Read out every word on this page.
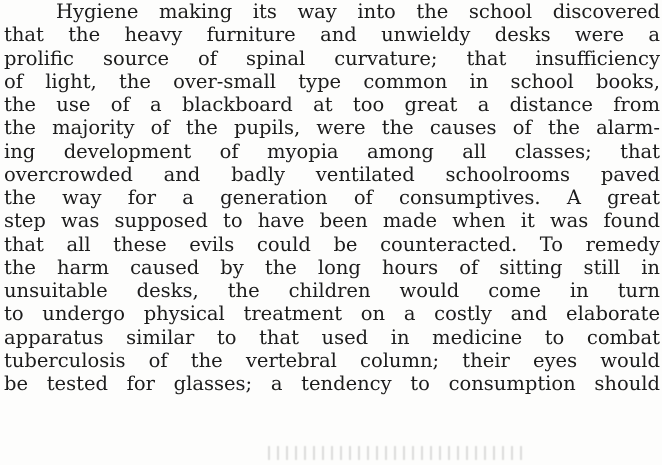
Hygiene making its way into the school discovered
that the heavy furniture and unwieldy desks were a
prolific source of spinal curvature; that insufficiency
of light, the over-small type common in school books,
the use of a blackboard at too great a distance from
the majority of the pupils, were the causes of the alarm-
ing development of myopia among all classes; that
overcrowded and badly ventilated schoolrooms paved
the way for a generation of consumptives. A great
step was supposed to have been made when it was found
that all these evils could be counteracted. To remedy
the harm caused by the long hours of sitting still in
unsuitable desks, the children would come in turn
to undergo physical treatment on a costly and elaborate
apparatus similar to that used in medicine to combat
tuberculosis of the vertebral column; their eyes would
be tested for glasses; a tendency to consumption should
